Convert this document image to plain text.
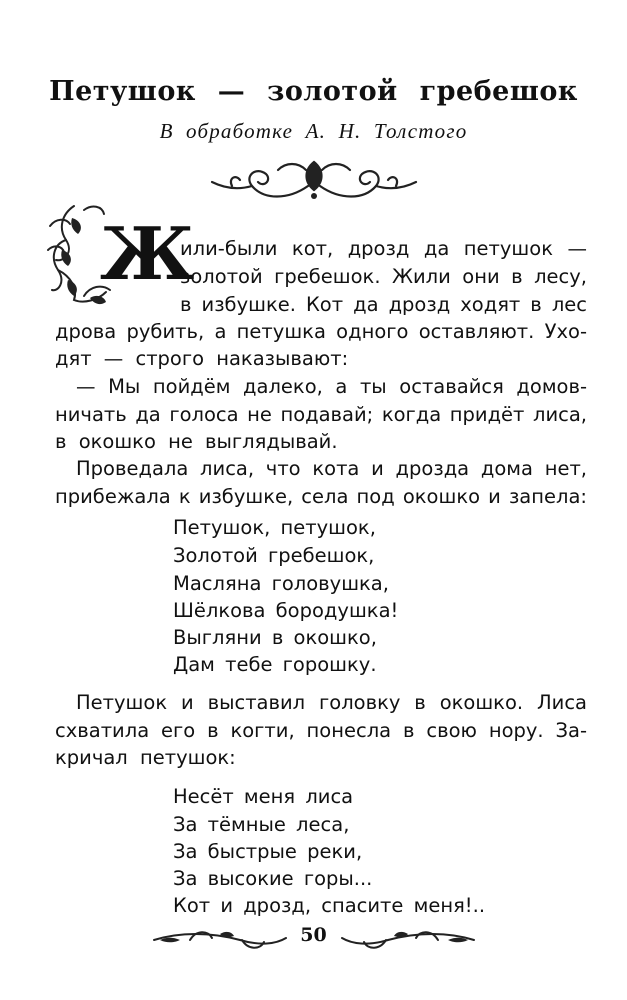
Петушок — золотой гребешок
В обработке А. Н. Толстого
Ж
или-были кот, дрозд да петушок —
золотой гребешок. Жили они в лесу,
в избушке. Кот да дрозд ходят в лес
дрова рубить, а петушка одного оставляют. Ухо-
дят — строго наказывают:
— Мы пойдём далеко, а ты оставайся домов-
ничать да голоса не подавай; когда придёт лиса,
в окошко не выглядывай.
Проведала лиса, что кота и дрозда дома нет,
прибежала к избушке, села под окошко и запела:
Петушок, петушок,
Золотой гребешок,
Масляна головушка,
Шёлкова бородушка!
Выгляни в окошко,
Дам тебе горошку.
Петушок и выставил головку в окошко. Лиса
схватила его в когти, понесла в свою нору. За-
кричал петушок:
Несёт меня лиса
За тёмные леса,
За быстрые реки,
За высокие горы...
Кот и дрозд, спасите меня!..
50
